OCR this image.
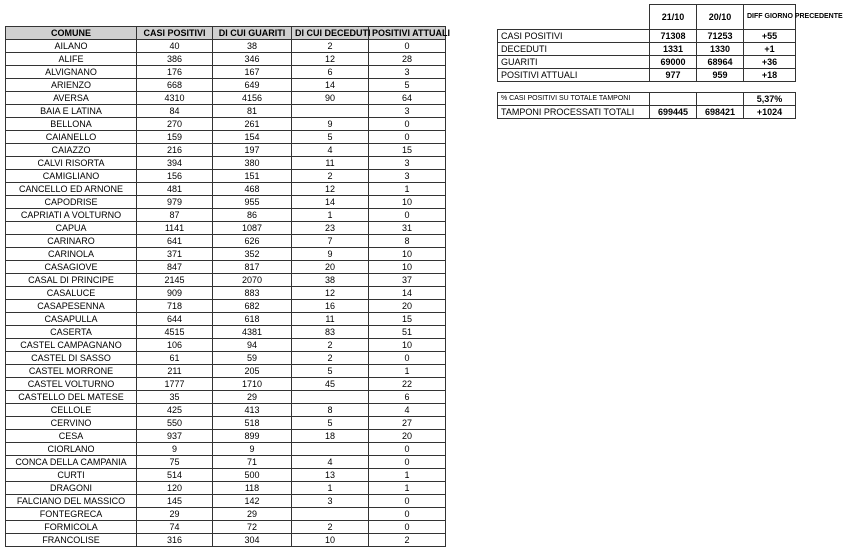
COMUNE	CASI POSITIVI	DI CUI GUARITI	DI CUI DECEDUTI	POSITIVI ATTUALI
AILANO	40	38	2	0
ALIFE	386	346	12	28
ALVIGNANO	176	167	6	3
ARIENZO	668	649	14	5
AVERSA	4310	4156	90	64
BAIA E LATINA	84	81		3
BELLONA	270	261	9	0
CAIANELLO	159	154	5	0
CAIAZZO	216	197	4	15
CALVI RISORTA	394	380	11	3
CAMIGLIANO	156	151	2	3
CANCELLO ED ARNONE	481	468	12	1
CAPODRISE	979	955	14	10
CAPRIATI A VOLTURNO	87	86	1	0
CAPUA	1141	1087	23	31
CARINARO	641	626	7	8
CARINOLA	371	352	9	10
CASAGIOVE	847	817	20	10
CASAL DI PRINCIPE	2145	2070	38	37
CASALUCE	909	883	12	14
CASAPESENNA	718	682	16	20
CASAPULLA	644	618	11	15
CASERTA	4515	4381	83	51
CASTEL CAMPAGNANO	106	94	2	10
CASTEL DI SASSO	61	59	2	0
CASTEL MORRONE	211	205	5	1
CASTEL VOLTURNO	1777	1710	45	22
CASTELLO DEL MATESE	35	29		6
CELLOLE	425	413	8	4
CERVINO	550	518	5	27
CESA	937	899	18	20
CIORLANO	9	9		0
CONCA DELLA CAMPANIA	75	71	4	0
CURTI	514	500	13	1
DRAGONI	120	118	1	1
FALCIANO DEL MASSICO	145	142	3	0
FONTEGRECA	29	29		0
FORMICOLA	74	72	2	0
FRANCOLISE	316	304	10	2
	21/10	20/10	DIFF GIORNO PRECEDENTE
CASI POSITIVI	71308	71253	+55
DECEDUTI	1331	1330	+1
GUARITI	69000	68964	+36
POSITIVI ATTUALI	977	959	+18

% CASI POSITIVI SU TOTALE TAMPONI			5,37%
TAMPONI PROCESSATI TOTALI	699445	698421	+1024
